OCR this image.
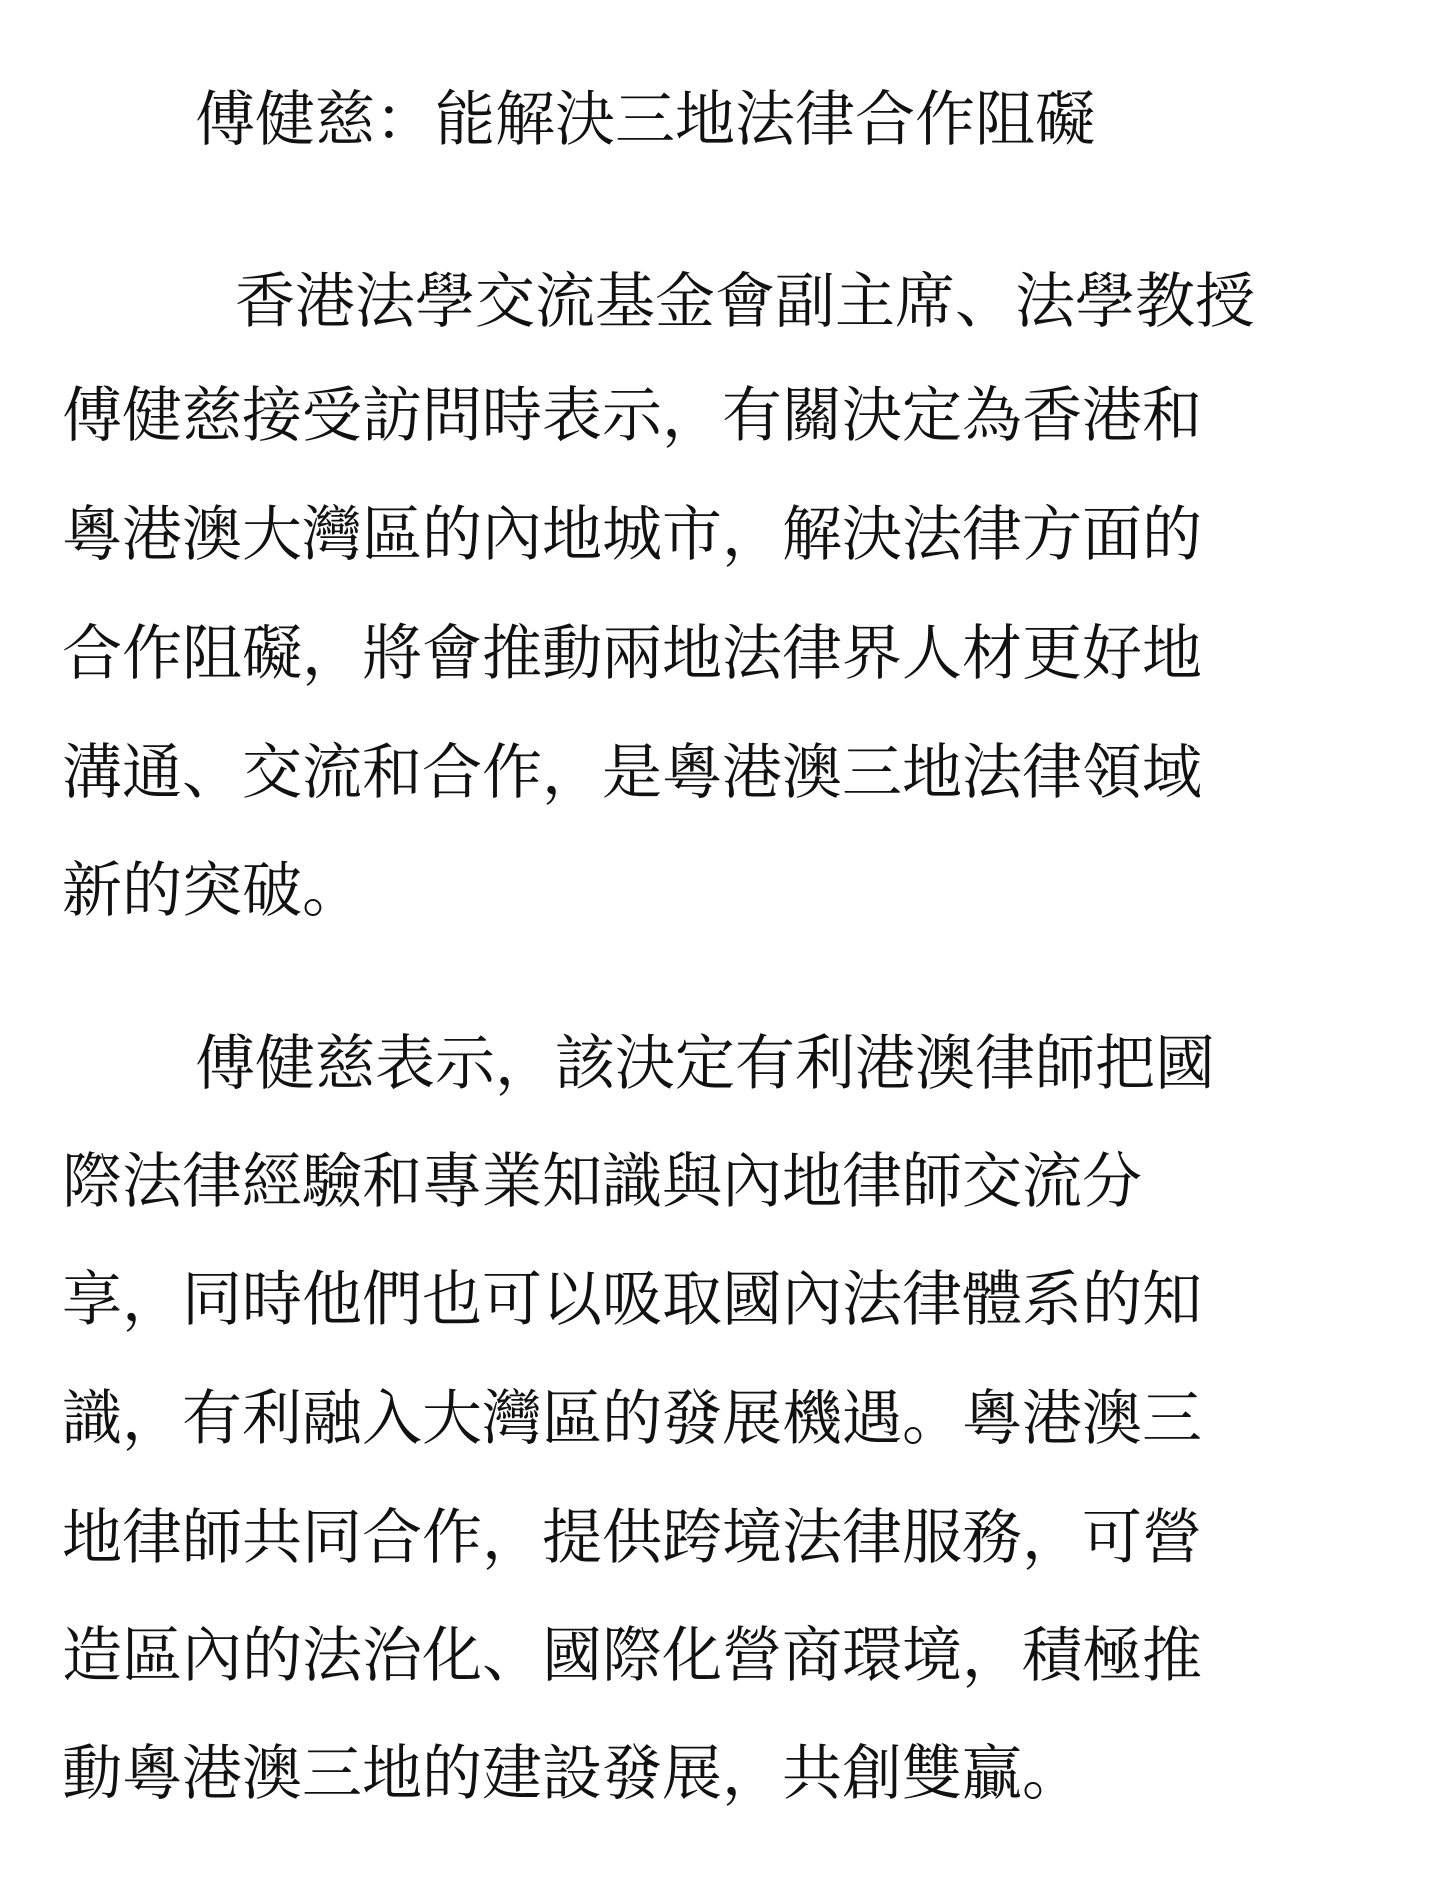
傅健慈：能解決三地法律合作阻礙
香港法學交流基金會副主席、法學教授
傅健慈接受訪問時表示，有關決定為香港和
粵港澳大灣區的內地城市，解決法律方面的
合作阻礙，將會推動兩地法律界人材更好地
溝通、交流和合作，是粵港澳三地法律領域
新的突破。
傅健慈表示，該決定有利港澳律師把國
際法律經驗和專業知識與內地律師交流分
享，同時他們也可以吸取國內法律體系的知
識，有利融入大灣區的發展機遇。粵港澳三
地律師共同合作，提供跨境法律服務，可營
造區內的法治化、國際化營商環境，積極推
動粵港澳三地的建設發展，共創雙贏。
